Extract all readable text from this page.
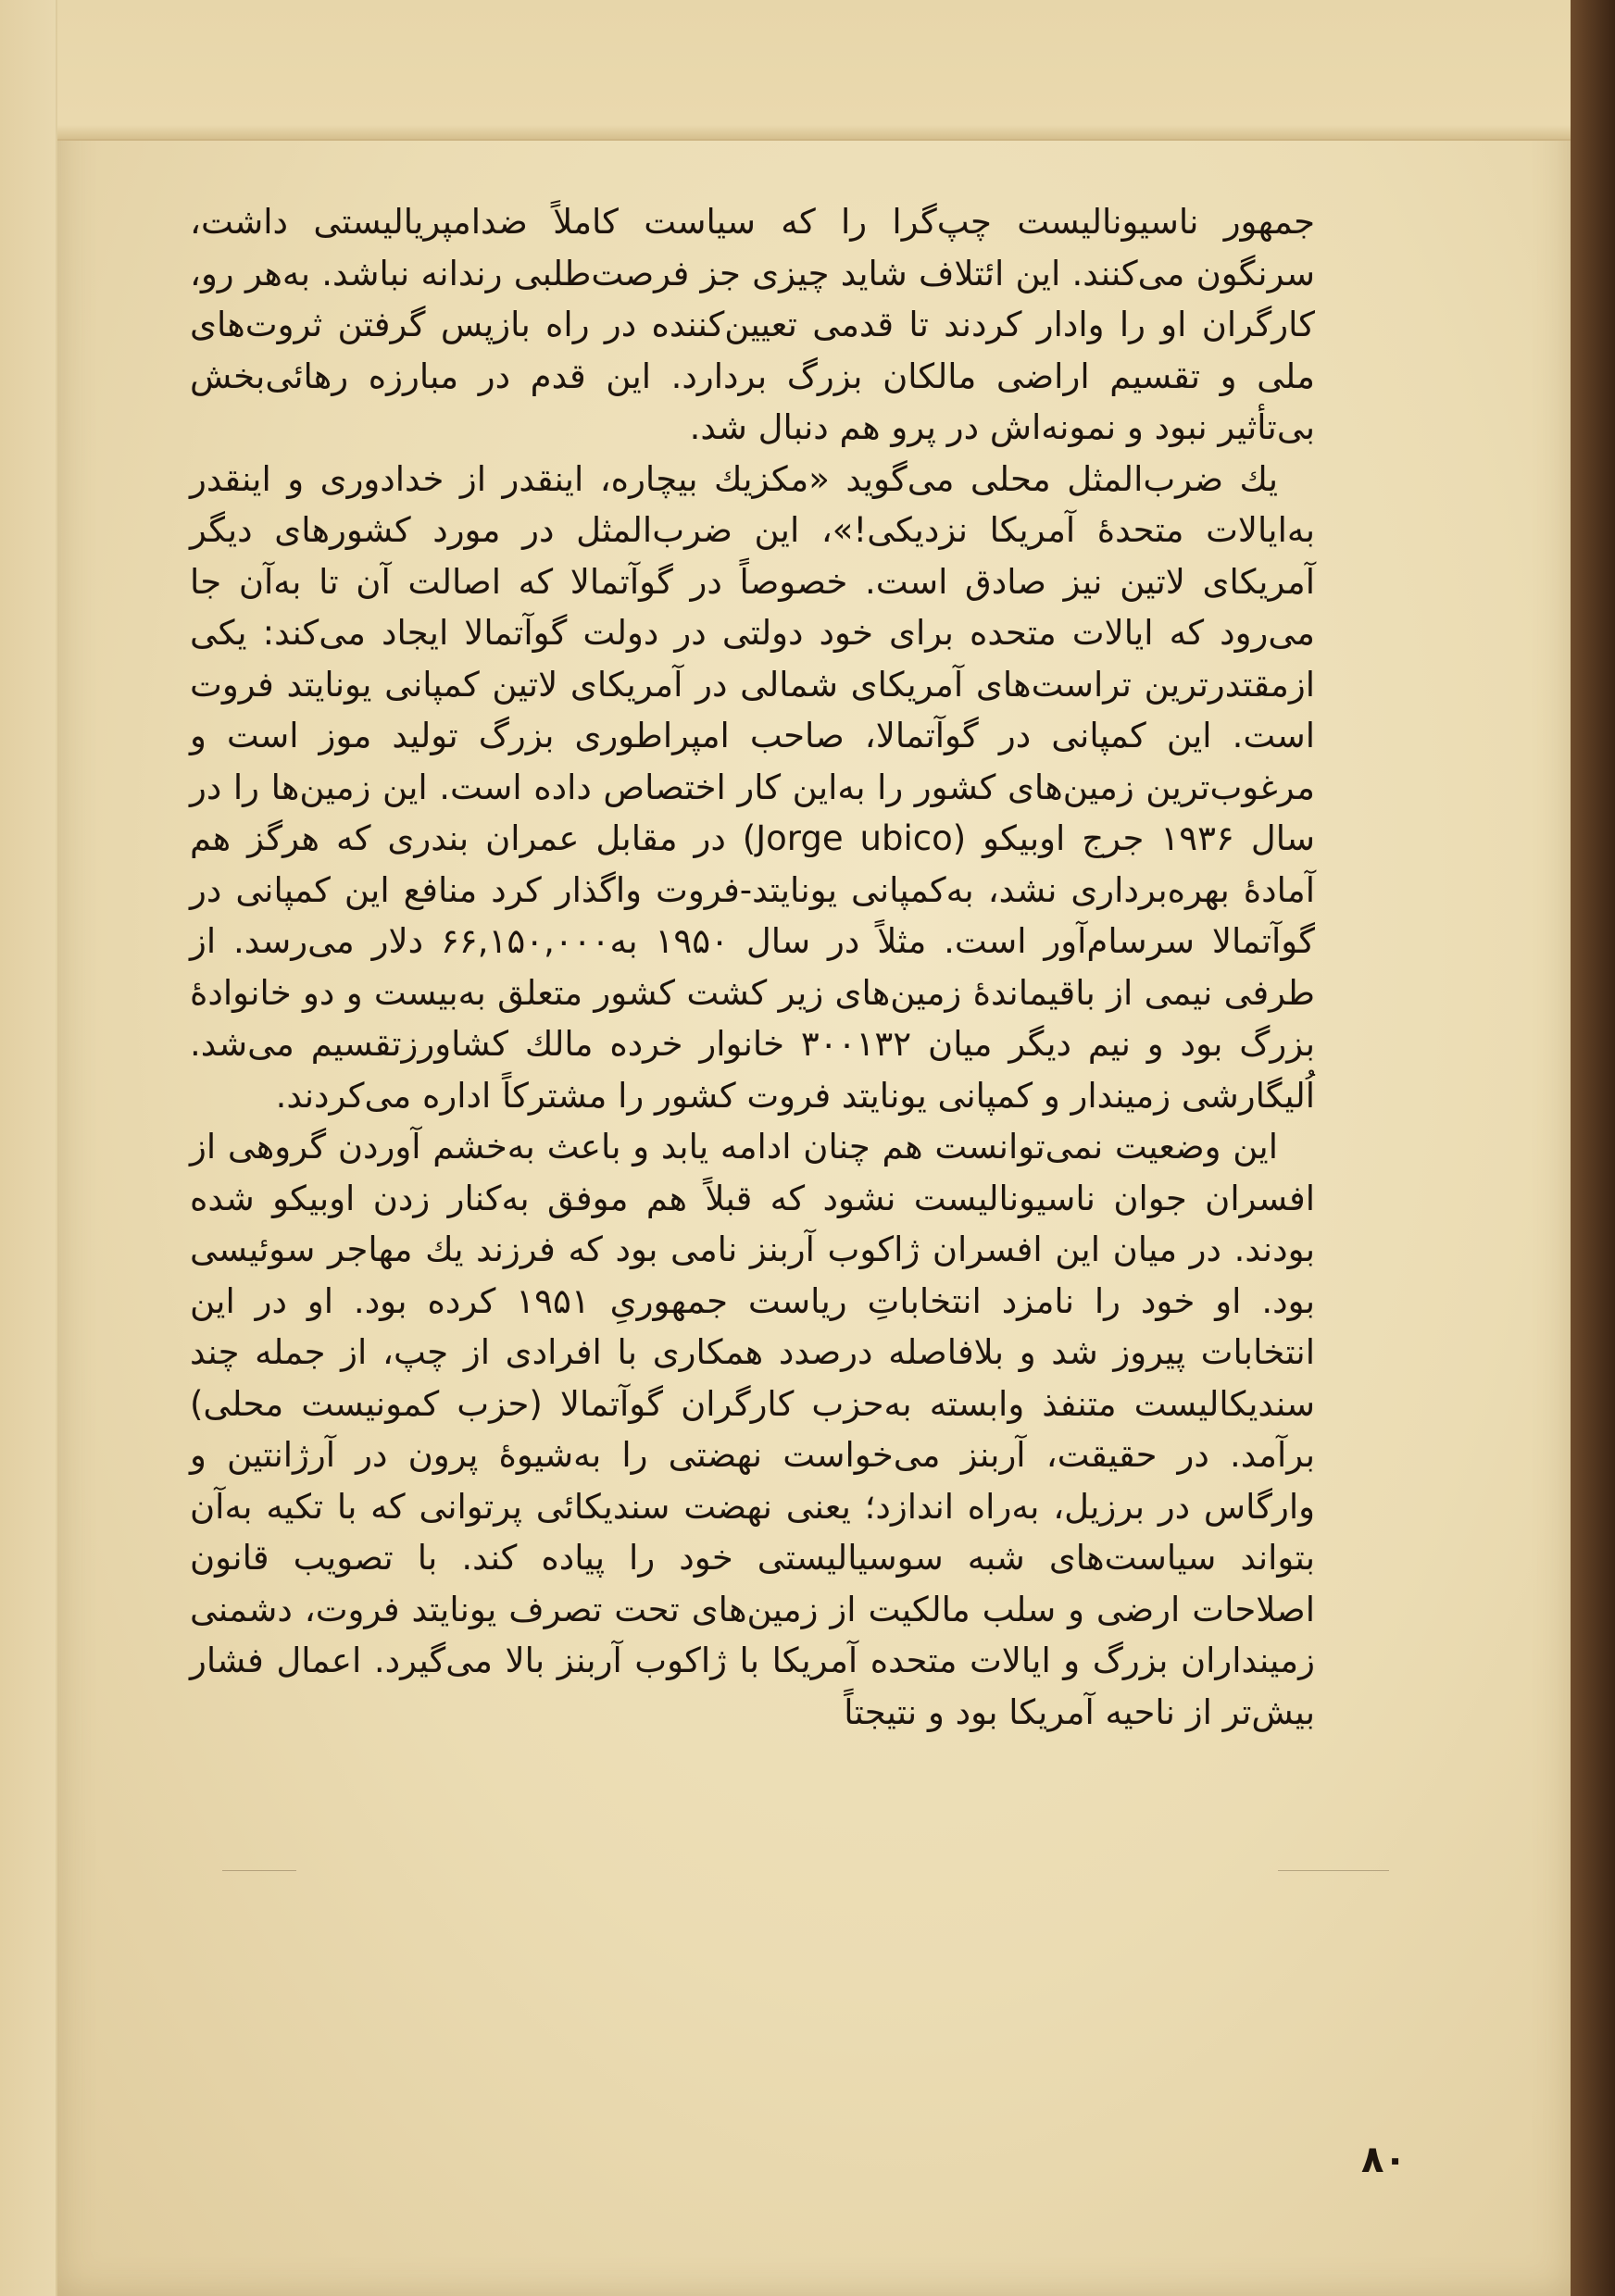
جمهور ناسیونالیست چپ‌گرا را که سیاست کاملاً ضدامپریالیستی داشت، سرنگون می‌کنند. این ائتلاف شاید چیزی جز فرصت‌طلبی رندانه نباشد. به‌هر رو، کارگران او را وادار کردند تا قدمی تعیین‌کننده در راه بازپس گرفتن ثروت‌های ملی و تقسیم اراضی مالکان بزرگ بردارد. این قدم در مبارزه رهائی‌بخش بی‌تأثیر نبود و نمونه‌اش در پرو هم دنبال شد.

یك ضرب‌المثل محلی می‌گوید «مکزیك بیچاره، اینقدر از خدادوری و اینقدر به‌ایالات متحدهٔ آمریکا نزدیکی!»، این ضرب‌المثل در مورد کشورهای دیگر آمریکای لاتین نیز صادق است. خصوصاً در گوآتمالا که اصالت آن تا به‌آن جا می‌رود که ایالات متحده برای خود دولتی در دولت گوآتمالا ایجاد می‌کند: یکی ازمقتدرترین تراست‌های آمریکای شمالی در آمریکای لاتین کمپانی یونایتد فروت است. این کمپانی در گوآتمالا، صاحب امپراطوری بزرگ تولید موز است و مرغوب‌ترین زمین‌های کشور را به‌این کار اختصاص داده است. این زمین‌ها را در سال ۱۹۳۶ جرج اوبیکو (Jorge ubico) در مقابل عمران بندری که هرگز هم آمادهٔ بهره‌برداری نشد، به‌کمپانی یونایتد-فروت واگذار کرد منافع این کمپانی در گوآتمالا سرسام‌آور است. مثلاً در سال ۱۹۵۰ به‌۶۶,۱۵۰,۰۰۰ دلار می‌رسد. از طرفی نیمی از باقیماندهٔ زمین‌های زیر کشت کشور متعلق به‌بیست و دو خانوادهٔ بزرگ بود و نیم دیگر میان ۳۰۰۱۳۲ خانوار خرده مالك کشاورزتقسیم می‌شد. اُلیگارشی زمیندار و کمپانی یونایتد فروت کشور را مشترکاً اداره می‌کردند.

این وضعیت نمی‌توانست هم چنان ادامه یابد و باعث به‌خشم آوردن گروهی از افسران جوان ناسیونالیست نشود که قبلاً هم موفق به‌کنار زدن اوبیکو شده بودند. در میان این افسران ژاکوب آربنز نامی بود که فرزند یك مهاجر سوئیسی بود. او خود را نامزد انتخاباتِ ریاست جمهوریِ ۱۹۵۱ کرده بود. او در این انتخابات پیروز شد و بلافاصله درصدد همکاری با افرادی از چپ، از جمله چند سندیکالیست متنفذ وابسته به‌حزب کارگران گوآتمالا (حزب کمونیست محلی) برآمد. در حقیقت، آربنز می‌خواست نهضتی را به‌شیوهٔ پرون در آرژانتین و وارگاس در برزیل، به‌راه اندازد؛ یعنی نهضت سندیکائی پرتوانی که با تکیه به‌آن بتواند سیاست‌های شبه سوسیالیستی خود را پیاده کند. با تصویب قانون اصلاحات ارضی و سلب مالکیت از زمین‌های تحت تصرف یونایتد فروت، دشمنی زمینداران بزرگ و ایالات متحده آمریکا با ژاکوب آربنز بالا می‌گیرد. اعمال فشار بیش‌تر از ناحیه آمریکا بود و نتیجتاً

۸۰
